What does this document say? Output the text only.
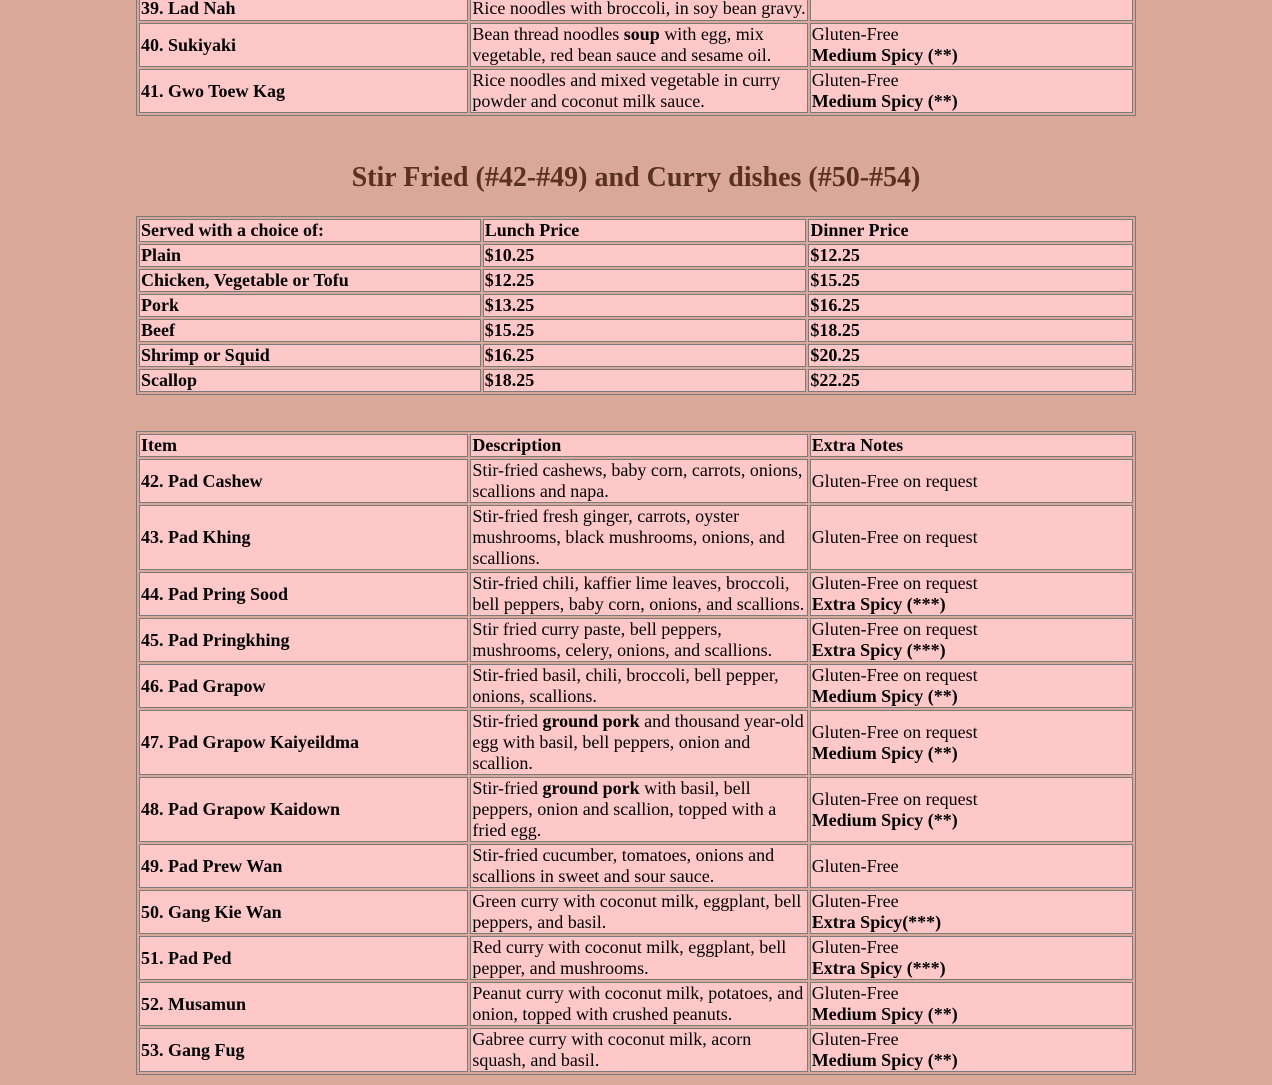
39. Lad Nah	Rice noodles with broccoli, in soy bean gravy.	
40. Sukiyaki	Bean thread noodles soup with egg, mix vegetable, red bean sauce and sesame oil.	Gluten-Free
Medium Spicy (**)

41. Gwo Toew Kag	Rice noodles and mixed vegetable in curry powder and coconut milk sauce.	Gluten-Free
Medium Spicy (**)
Stir Fried (#42-#49) and Curry dishes (#50-#54)
Served with a choice of:	Lunch Price	Dinner Price
Plain	$10.25	$12.25
Chicken, Vegetable or Tofu	$12.25	$15.25
Pork	$13.25	$16.25
Beef	$15.25	$18.25
Shrimp or Squid	$16.25	$20.25
Scallop	$18.25	$22.25
Item	Description	Extra Notes
42. Pad Cashew	Stir-fried cashews, baby corn, carrots, onions, scallions and napa.	Gluten-Free on request

43. Pad Khing	Stir-fried fresh ginger, carrots, oyster mushrooms, black mushrooms, onions, and scallions.	Gluten-Free on request

44. Pad Pring Sood	Stir-fried chili, kaffier lime leaves, broccoli, bell peppers, baby corn, onions, and scallions.	Gluten-Free on request
Extra Spicy (***)

45. Pad Pringkhing	Stir fried curry paste, bell peppers, mushrooms, celery, onions, and scallions.	Gluten-Free on request
Extra Spicy (***)

46. Pad Grapow	Stir-fried basil, chili, broccoli, bell pepper, onions, scallions.	Gluten-Free on request
Medium Spicy (**)

47. Pad Grapow Kaiyeildma	Stir-fried ground pork and thousand year-old egg with basil, bell peppers, onion and scallion.	Gluten-Free on request
Medium Spicy (**)

48. Pad Grapow Kaidown	Stir-fried ground pork with basil, bell peppers, onion and scallion, topped with a fried egg.	Gluten-Free on request
Medium Spicy (**)

49. Pad Prew Wan	Stir-fried cucumber, tomatoes, onions and scallions in sweet and sour sauce.	Gluten-Free

50. Gang Kie Wan	Green curry with coconut milk, eggplant, bell peppers, and basil.	Gluten-Free
Extra Spicy(***)

51. Pad Ped	Red curry with coconut milk, eggplant, bell pepper, and mushrooms.	Gluten-Free
Extra Spicy (***)

52. Musamun	Peanut curry with coconut milk, potatoes, and onion, topped with crushed peanuts.	Gluten-Free
Medium Spicy (**)

53. Gang Fug	Gabree curry with coconut milk, acorn squash, and basil.	Gluten-Free
Medium Spicy (**)
